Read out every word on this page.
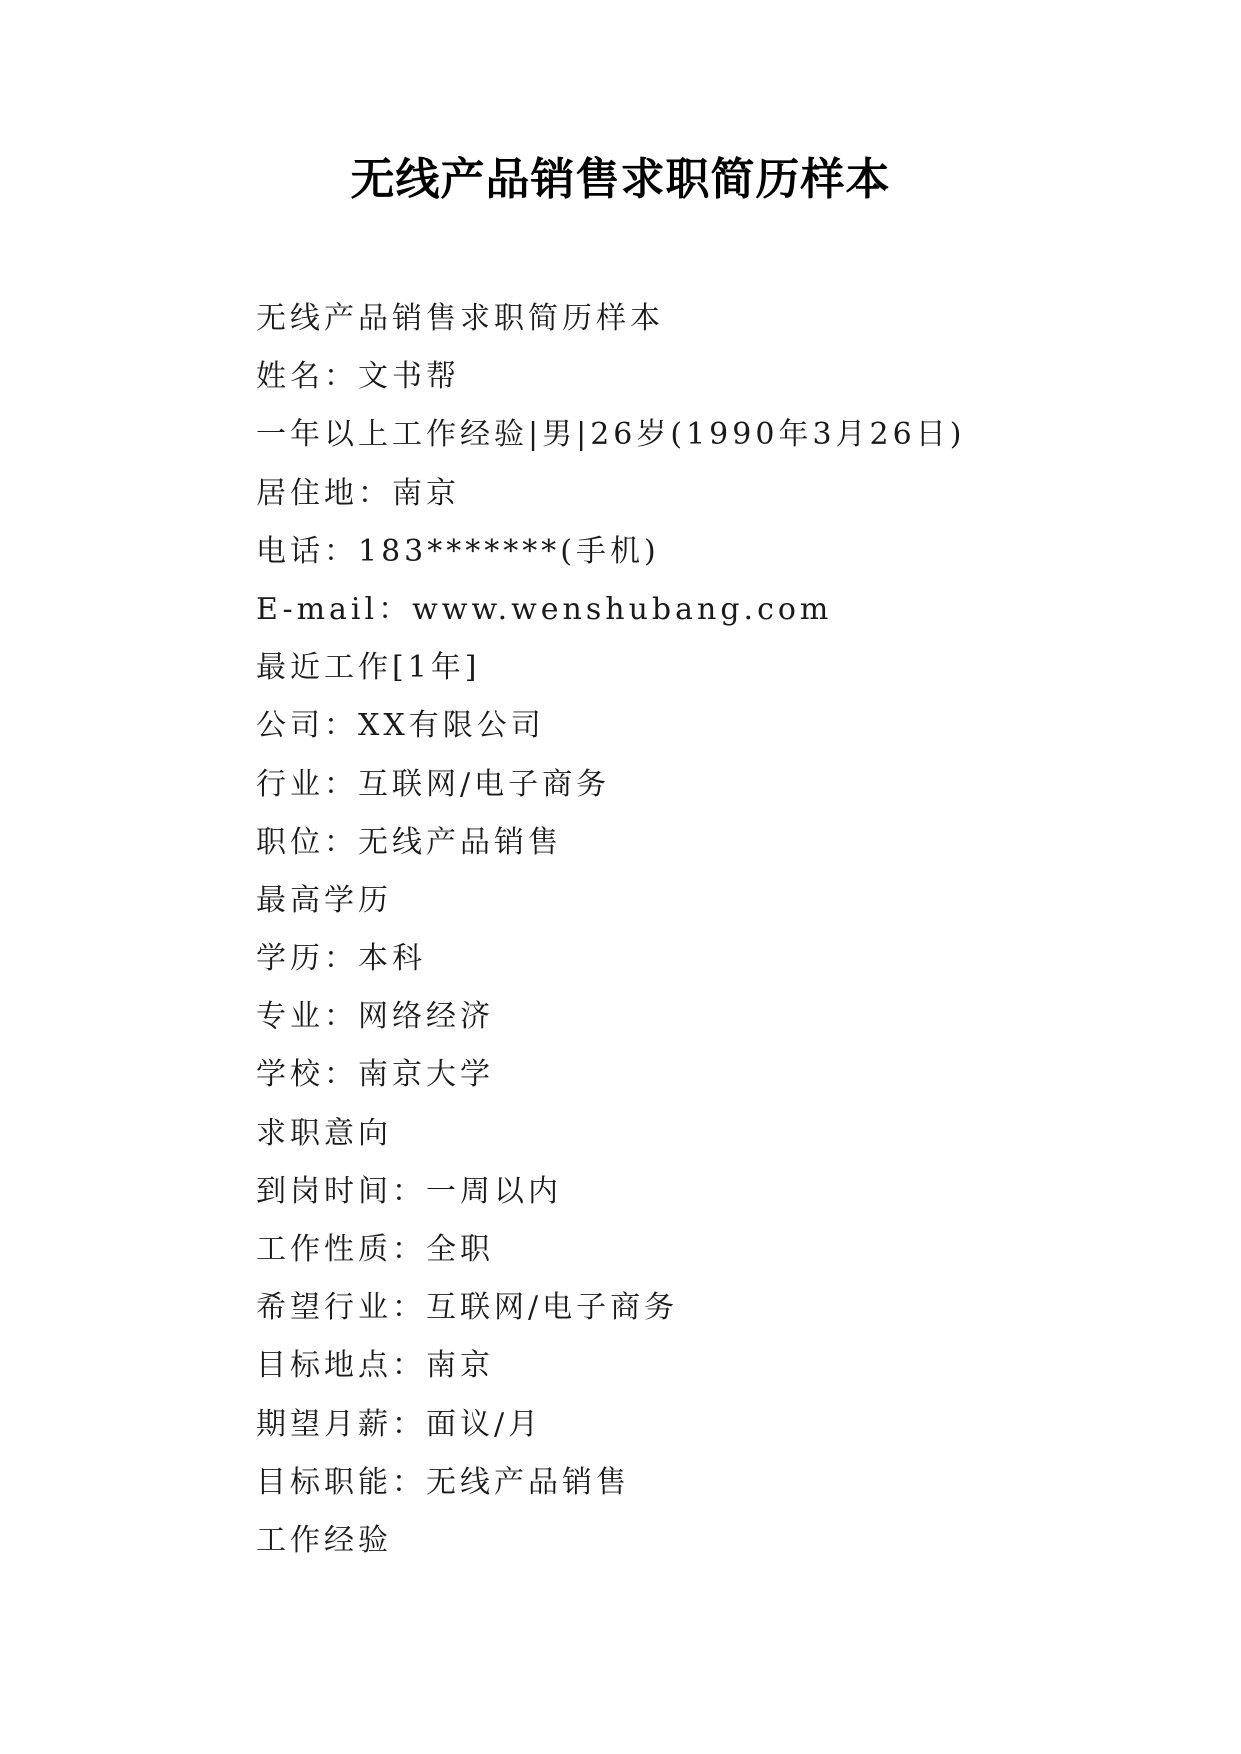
无线产品销售求职简历样本
无线产品销售求职简历样本
姓名：文书帮
一年以上工作经验|男|26岁(1990年3月26日)
居住地：南京
电话：183*******(手机)
E-mail：www.wenshubang.com
最近工作[1年]
公司：XX有限公司
行业：互联网/电子商务
职位：无线产品销售
最高学历
学历：本科
专业：网络经济
学校：南京大学
求职意向
到岗时间：一周以内
工作性质：全职
希望行业：互联网/电子商务
目标地点：南京
期望月薪：面议/月
目标职能：无线产品销售
工作经验
